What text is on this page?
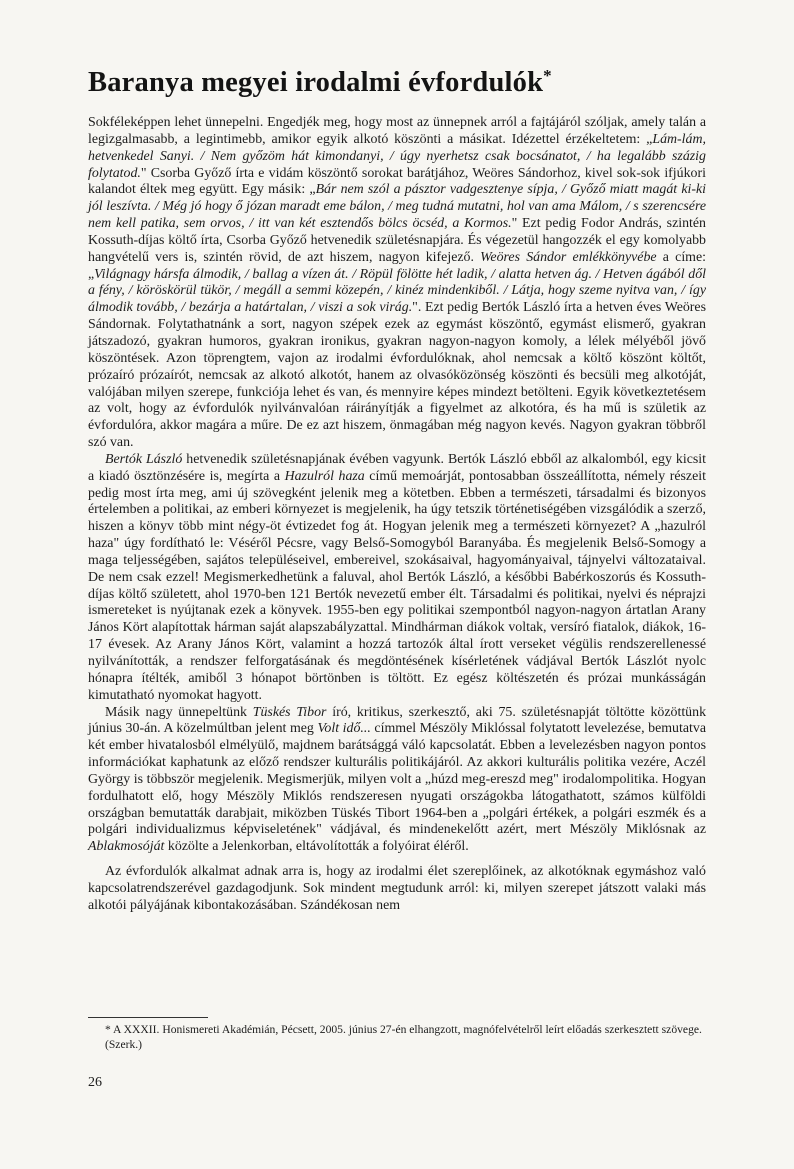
Baranya megyei irodalmi évfordulók*

Sokféleképpen lehet ünnepelni. Engedjék meg, hogy most az ünnepnek arról a fajtájáról szóljak, amely talán a legizgalmasabb, a legintimebb, amikor egyik alkotó köszönti a másikat. Idézettel érzékeltetem: „Lám-lám, hetvenkedel Sanyi. / Nem győzöm hát kimondanyi, / úgy nyerhetsz csak bocsánatot, / ha legalább százig folytatod." Csorba Győző írta e vidám köszöntő sorokat barátjához, Weöres Sándorhoz, kivel sok-sok ifjúkori kalandot éltek meg együtt. Egy másik: „Bár nem szól a pásztor vadgesztenye sípja, / Győző miatt magát ki-ki jól leszívta. / Még jó hogy ő józan maradt eme bálon, / meg tudná mutatni, hol van ama Málom, / s szerencsére nem kell patika, sem orvos, / itt van két esztendős bölcs öcséd, a Kormos." Ezt pedig Fodor András, szintén Kossuth-díjas költő írta, Csorba Győző hetvenedik születésnapjára. És végezetül hangozzék el egy komolyabb hangvételű vers is, szintén rövid, de azt hiszem, nagyon kifejező. Weöres Sándor emlékkönyvébe a címe: „Világnagy hársfa álmodik, / ballag a vízen át. / Röpül fölötte hét ladik, / alatta hetven ág. / Hetven ágából dől a fény, / köröskörül tükör, / megáll a semmi közepén, / kinéz mindenkiből. / Látja, hogy szeme nyitva van, / így álmodik tovább, / bezárja a határtalan, / viszi a sok virág.". Ezt pedig Bertók László írta a hetven éves Weöres Sándornak. Folytathatnánk a sort, nagyon szépek ezek az egymást köszöntő, egymást elismerő, gyakran játszadozó, gyakran humoros, gyakran ironikus, gyakran nagyon-nagyon komoly, a lélek mélyéből jövő köszöntések. Azon töprengtem, vajon az irodalmi évfordulóknak, ahol nemcsak a költő köszönt költőt, prózaíró prózaírót, nemcsak az alkotó alkotót, hanem az olvasóközönség köszönti és becsüli meg alkotóját, valójában milyen szerepe, funkciója lehet és van, és mennyire képes mindezt betölteni. Egyik következtetésem az volt, hogy az évfordulók nyilvánvalóan ráirányítják a figyelmet az alkotóra, és ha mű is születik az évfordulóra, akkor magára a műre. De ez azt hiszem, önmagában még nagyon kevés. Nagyon gyakran többről szó van.

Bertók László hetvenedik születésnapjának évében vagyunk. Bertók László ebből az alkalomból, egy kicsit a kiadó ösztönzésére is, megírta a Hazulról haza című memoárját, pontosabban összeállította, némely részeit pedig most írta meg, ami új szövegként jelenik meg a kötetben. Ebben a természeti, társadalmi és bizonyos értelemben a politikai, az emberi környezet is megjelenik, ha úgy tetszik történetiségében vizsgálódik a szerző, hiszen a könyv több mint négy-öt évtizedet fog át. Hogyan jelenik meg a természeti környezet? A „hazulról haza" úgy fordítható le: Véséről Pécsre, vagy Belső-Somogyból Baranyába. És megjelenik Belső-Somogy a maga teljességében, sajátos településeivel, embereivel, szokásaival, hagyományaival, tájnyelvi változataival. De nem csak ezzel! Megismerkedhetünk a faluval, ahol Bertók László, a későbbi Babérkoszorús és Kossuth-díjas költő született, ahol 1970-ben 121 Bertók nevezetű ember élt. Társadalmi és politikai, nyelvi és néprajzi ismereteket is nyújtanak ezek a könyvek. 1955-ben egy politikai szempontból nagyon-nagyon ártatlan Arany János Kört alapítottak hárman saját alapszabályzattal. Mindhárman diákok voltak, versíró fiatalok, diákok, 16-17 évesek. Az Arany János Kört, valamint a hozzá tartozók által írott verseket végülis rendszerellenessé nyilvánították, a rendszer felforgatásának és megdöntésének kísérletének vádjával Bertók Lászlót nyolc hónapra ítélték, amiből 3 hónapot börtönben is töltött. Ez egész költészetén és prózai munkásságán kimutatható nyomokat hagyott.

Másik nagy ünnepeltünk Tüskés Tibor író, kritikus, szerkesztő, aki 75. születésnapját töltötte közöttünk június 30-án. A közelmúltban jelent meg Volt idő... címmel Mészöly Miklóssal folytatott levelezése, bemutatva két ember hivatalosból elmélyülő, majdnem barátsággá váló kapcsolatát. Ebben a levelezésben nagyon pontos információkat kaphatunk az előző rendszer kulturális politikájáról. Az akkori kulturális politika vezére, Aczél György is többször megjelenik. Megismerjük, milyen volt a „húzd meg-ereszd meg" irodalompolitika. Hogyan fordulhatott elő, hogy Mészöly Miklós rendszeresen nyugati országokba látogathatott, számos külföldi országban bemutatták darabjait, miközben Tüskés Tibort 1964-ben a „polgári értékek, a polgári eszmék és a polgári individualizmus képviseletének" vádjával, és mindenekelőtt azért, mert Mészöly Miklósnak az Ablakmosóját közölte a Jelenkorban, eltávolították a folyóirat éléről.

Az évfordulók alkalmat adnak arra is, hogy az irodalmi élet szereplőinek, az alkotóknak egymáshoz való kapcsolatrendszerével gazdagodjunk. Sok mindent megtudunk arról: ki, milyen szerepet játszott valaki más alkotói pályájának kibontakozásában. Szándékosan nem

* A XXXII. Honismereti Akadémián, Pécsett, 2005. június 27-én elhangzott, magnófelvételről leírt előadás szerkesztett szövege. (Szerk.)
26
